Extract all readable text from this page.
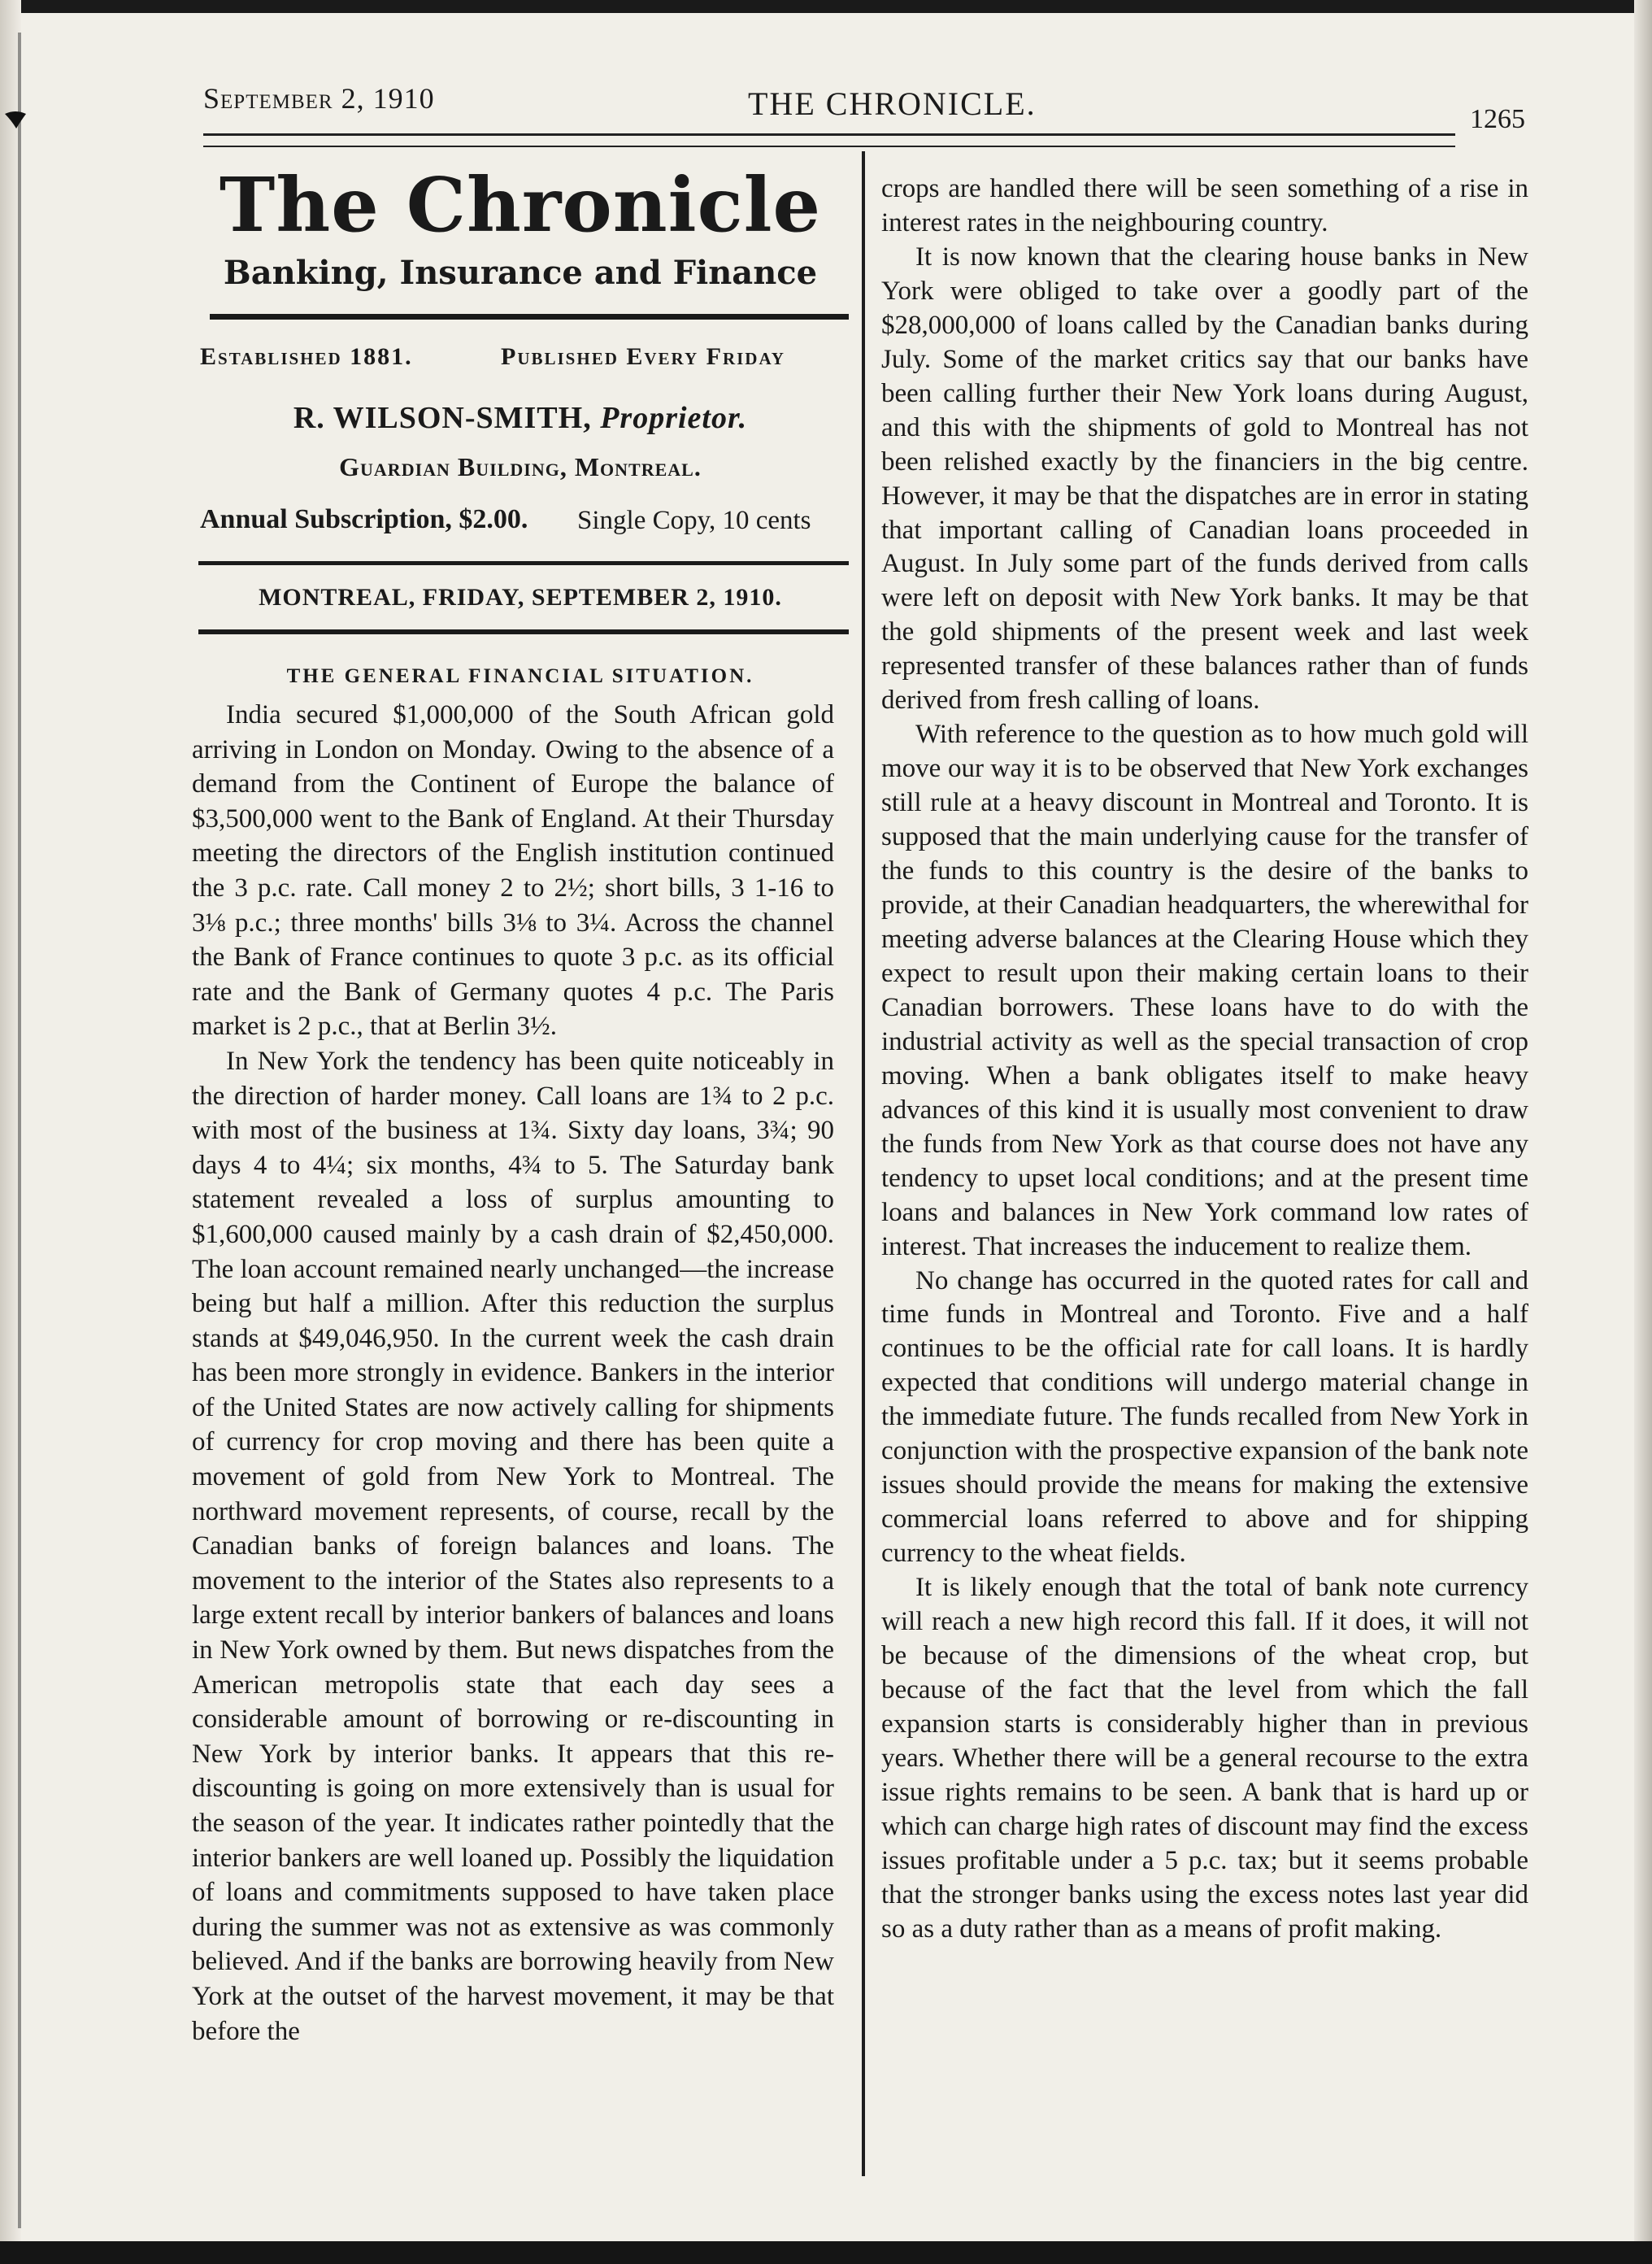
September 2, 1910	THE CHRONICLE.	1265
The Chronicle
Banking, Insurance and Finance
Established 1881.	Published Every Friday
R. WILSON-SMITH, Proprietor.
Guardian Building, Montreal.
Annual Subscription, $2.00. Single Copy, 10 cents
MONTREAL, FRIDAY, SEPTEMBER 2, 1910.
THE GENERAL FINANCIAL SITUATION.

India secured $1,000,000 of the South African gold arriving in London on Monday. Owing to the absence of a demand from the Continent of Europe the balance of $3,500,000 went to the Bank of England. At their Thursday meeting the directors of the English institution continued the 3 p.c. rate. Call money 2 to 2½; short bills, 3 1-16 to 3⅛ p.c.; three months' bills 3⅛ to 3¼. Across the channel the Bank of France continues to quote 3 p.c. as its official rate and the Bank of Germany quotes 4 p.c. The Paris market is 2 p.c., that at Berlin 3½.

In New York the tendency has been quite noticeably in the direction of harder money. Call loans are 1¾ to 2 p.c. with most of the business at 1¾. Sixty day loans, 3¾; 90 days 4 to 4¼; six months, 4¾ to 5. The Saturday bank statement revealed a loss of surplus amounting to $1,600,000 caused mainly by a cash drain of $2,450,000. The loan account remained nearly unchanged—the increase being but half a million. After this reduction the surplus stands at $49,046,950. In the current week the cash drain has been more strongly in evidence. Bankers in the interior of the United States are now actively calling for shipments of currency for crop moving and there has been quite a movement of gold from New York to Montreal. The northward movement represents, of course, recall by the Canadian banks of foreign balances and loans. The movement to the interior of the States also represents to a large extent recall by interior bankers of balances and loans in New York owned by them. But news dispatches from the American metropolis state that each day sees a considerable amount of borrowing or re-discounting in New York by interior banks. It appears that this re-discounting is going on more extensively than is usual for the season of the year. It indicates rather pointedly that the interior bankers are well loaned up. Possibly the liquidation of loans and commitments supposed to have taken place during the summer was not as extensive as was commonly believed. And if the banks are borrowing heavily from New York at the outset of the harvest movement, it may be that before the

crops are handled there will be seen something of a rise in interest rates in the neighbouring country.

It is now known that the clearing house banks in New York were obliged to take over a goodly part of the $28,000,000 of loans called by the Canadian banks during July. Some of the market critics say that our banks have been calling further their New York loans during August, and this with the shipments of gold to Montreal has not been relished exactly by the financiers in the big centre. However, it may be that the dispatches are in error in stating that important calling of Canadian loans proceeded in August. In July some part of the funds derived from calls were left on deposit with New York banks. It may be that the gold shipments of the present week and last week represented transfer of these balances rather than of funds derived from fresh calling of loans.

With reference to the question as to how much gold will move our way it is to be observed that New York exchanges still rule at a heavy discount in Montreal and Toronto. It is supposed that the main underlying cause for the transfer of the funds to this country is the desire of the banks to provide, at their Canadian headquarters, the wherewithal for meeting adverse balances at the Clearing House which they expect to result upon their making certain loans to their Canadian borrowers. These loans have to do with the industrial activity as well as the special transaction of crop moving. When a bank obligates itself to make heavy advances of this kind it is usually most convenient to draw the funds from New York as that course does not have any tendency to upset local conditions; and at the present time loans and balances in New York command low rates of interest. That increases the inducement to realize them.

No change has occurred in the quoted rates for call and time funds in Montreal and Toronto. Five and a half continues to be the official rate for call loans. It is hardly expected that conditions will undergo material change in the immediate future. The funds recalled from New York in conjunction with the prospective expansion of the bank note issues should provide the means for making the extensive commercial loans referred to above and for shipping currency to the wheat fields.

It is likely enough that the total of bank note currency will reach a new high record this fall. If it does, it will not be because of the dimensions of the wheat crop, but because of the fact that the level from which the fall expansion starts is considerably higher than in previous years. Whether there will be a general recourse to the extra issue rights remains to be seen. A bank that is hard up or which can charge high rates of discount may find the excess issues profitable under a 5 p.c. tax; but it seems probable that the stronger banks using the excess notes last year did so as a duty rather than as a means of profit making.
